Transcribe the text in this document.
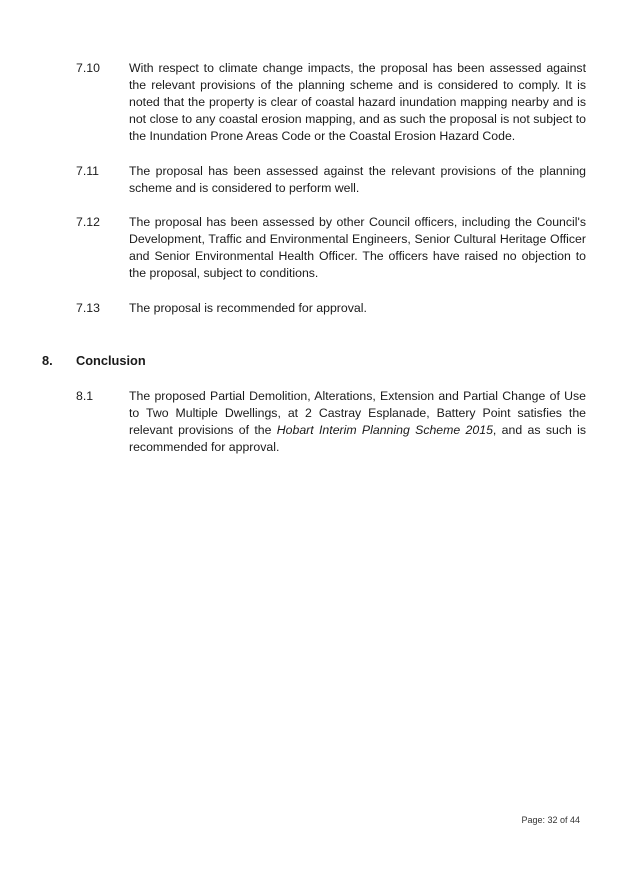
7.10	With respect to climate change impacts, the proposal has been assessed against the relevant provisions of the planning scheme and is considered to comply. It is noted that the property is clear of coastal hazard inundation mapping nearby and is not close to any coastal erosion mapping, and as such the proposal is not subject to the Inundation Prone Areas Code or the Coastal Erosion Hazard Code.
7.11	The proposal has been assessed against the relevant provisions of the planning scheme and is considered to perform well.
7.12	The proposal has been assessed by other Council officers, including the Council's Development, Traffic and Environmental Engineers, Senior Cultural Heritage Officer and Senior Environmental Health Officer. The officers have raised no objection to the proposal, subject to conditions.
7.13	The proposal is recommended for approval.
8.	Conclusion
8.1	The proposed Partial Demolition, Alterations, Extension and Partial Change of Use to Two Multiple Dwellings, at 2 Castray Esplanade, Battery Point satisfies the relevant provisions of the Hobart Interim Planning Scheme 2015, and as such is recommended for approval.
Page: 32 of 44
